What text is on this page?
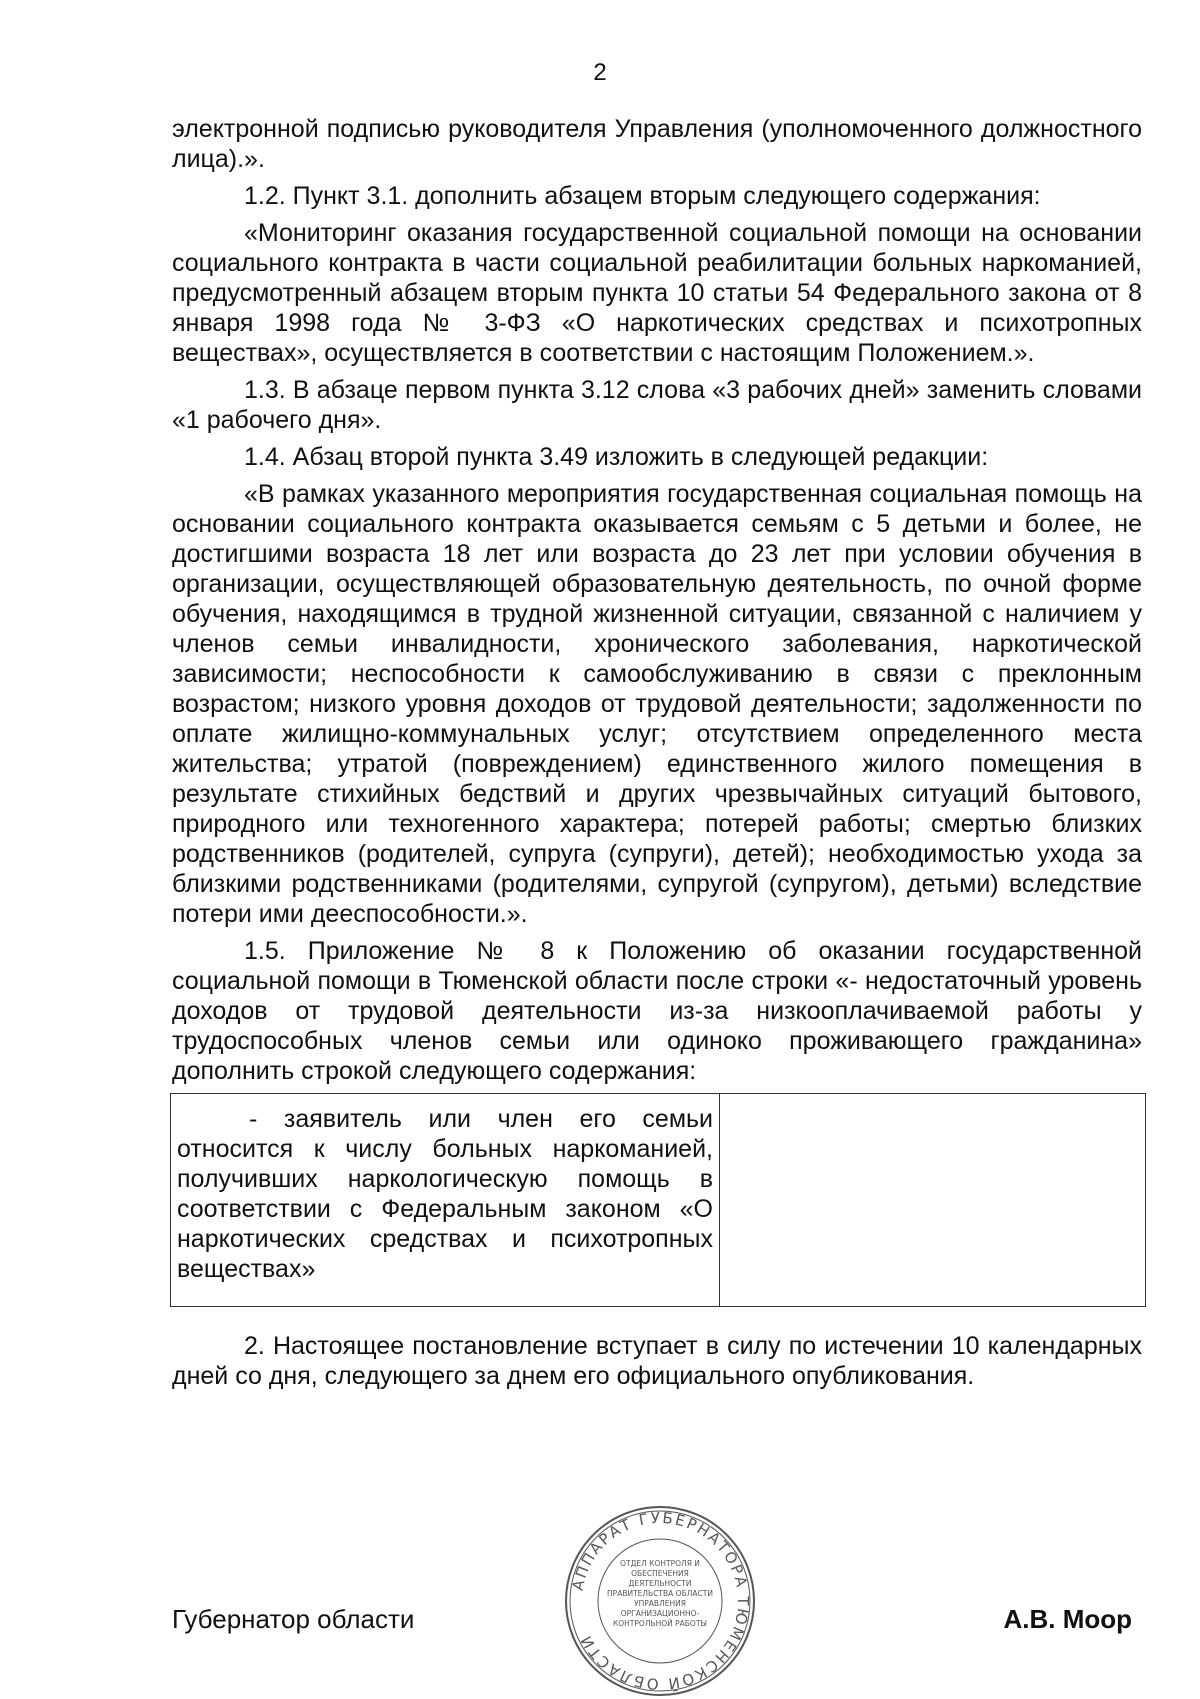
2

электронной подписью руководителя Управления (уполномоченного должностного лица).».

1.2. Пункт 3.1. дополнить абзацем вторым следующего содержания:

«Мониторинг оказания государственной социальной помощи на основании социального контракта в части социальной реабилитации больных наркоманией, предусмотренный абзацем вторым пункта 10 статьи 54 Федерального закона от 8 января 1998 года № 3-ФЗ «О наркотических средствах и психотропных веществах», осуществляется в соответствии с настоящим Положением.».

1.3. В абзаце первом пункта 3.12 слова «3 рабочих дней» заменить словами «1 рабочего дня».

1.4. Абзац второй пункта 3.49 изложить в следующей редакции:

«В рамках указанного мероприятия государственная социальная помощь на основании социального контракта оказывается семьям с 5 детьми и более, не достигшими возраста 18 лет или возраста до 23 лет при условии обучения в организации, осуществляющей образовательную деятельность, по очной форме обучения, находящимся в трудной жизненной ситуации, связанной с наличием у членов семьи инвалидности, хронического заболевания, наркотической зависимости; неспособности к самообслуживанию в связи с преклонным возрастом; низкого уровня доходов от трудовой деятельности; задолженности по оплате жилищно-коммунальных услуг; отсутствием определенного места жительства; утратой (повреждением) единственного жилого помещения в результате стихийных бедствий и других чрезвычайных ситуаций бытового, природного или техногенного характера; потерей работы; смертью близких родственников (родителей, супруга (супруги), детей); необходимостью ухода за близкими родственниками (родителями, супругой (супругом), детьми) вследствие потери ими дееспособности.».

1.5. Приложение № 8 к Положению об оказании государственной социальной помощи в Тюменской области после строки «- недостаточный уровень доходов от трудовой деятельности из-за низкооплачиваемой работы у трудоспособных членов семьи или одиноко проживающего гражданина» дополнить строкой следующего содержания:

- заявитель или член его семьи относится к числу больных наркоманией, получивших наркологическую помощь в соответствии с Федеральным законом «О наркотических средствах и психотропных веществах»

2. Настоящее постановление вступает в силу по истечении 10 календарных дней со дня, следующего за днем его официального опубликования.

АППАРАТ ГУБЕРНАТОРА ТЮМЕНСКОЙ ОБЛАСТИ
ОТДЕЛ КОНТРОЛЯ И ОБЕСПЕЧЕНИЯ ДЕЯТЕЛЬНОСТИ ПРАВИТЕЛЬСТВА ОБЛАСТИ УПРАВЛЕНИЯ ОРГАНИЗАЦИОННО-КОНТРОЛЬНОЙ РАБОТЫ
Губернатор области	А.В. Моор
